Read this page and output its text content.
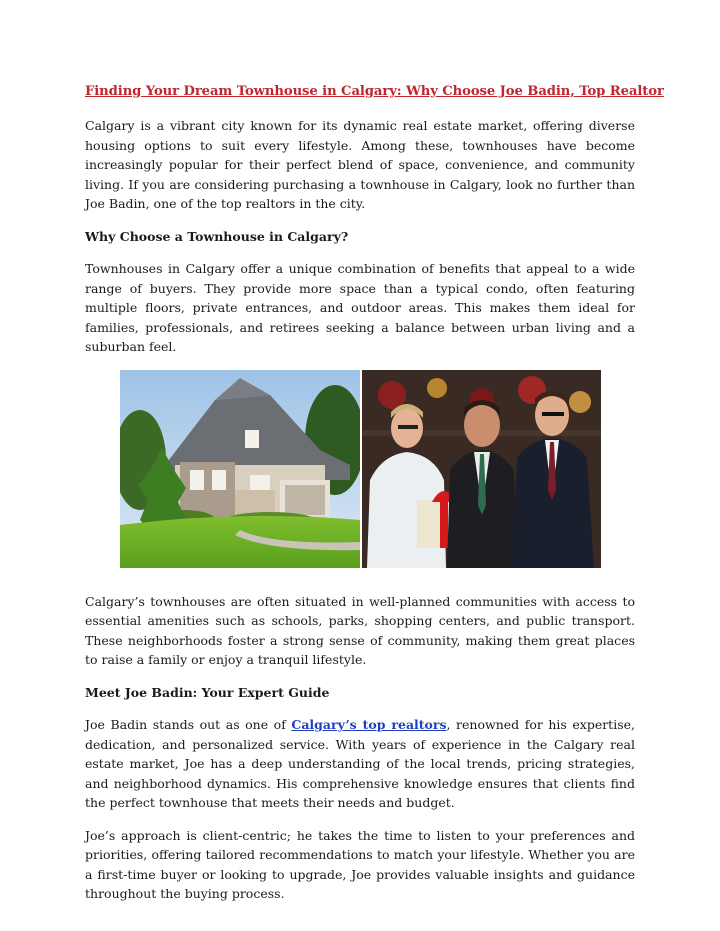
Finding Your Dream Townhouse in Calgary: Why Choose Joe Badin, Top Realtor

Calgary is a vibrant city known for its dynamic real estate market, offering diverse housing options to suit every lifestyle. Among these, townhouses have become increasingly popular for their perfect blend of space, convenience, and community living. If you are considering purchasing a townhouse in Calgary, look no further than Joe Badin, one of the top realtors in the city.

Why Choose a Townhouse in Calgary?

Townhouses in Calgary offer a unique combination of benefits that appeal to a wide range of buyers. They provide more space than a typical condo, often featuring multiple floors, private entrances, and outdoor areas. This makes them ideal for families, professionals, and retirees seeking a balance between urban living and a suburban feel.

Calgary’s townhouses are often situated in well-planned communities with access to essential amenities such as schools, parks, shopping centers, and public transport. These neighborhoods foster a strong sense of community, making them great places to raise a family or enjoy a tranquil lifestyle.

Meet Joe Badin: Your Expert Guide

Joe Badin stands out as one of Calgary’s top realtors, renowned for his expertise, dedication, and personalized service. With years of experience in the Calgary real estate market, Joe has a deep understanding of the local trends, pricing strategies, and neighborhood dynamics. His comprehensive knowledge ensures that clients find the perfect townhouse that meets their needs and budget.

Joe’s approach is client-centric; he takes the time to listen to your preferences and priorities, offering tailored recommendations to match your lifestyle. Whether you are a first-time buyer or looking to upgrade, Joe provides valuable insights and guidance throughout the buying process.
